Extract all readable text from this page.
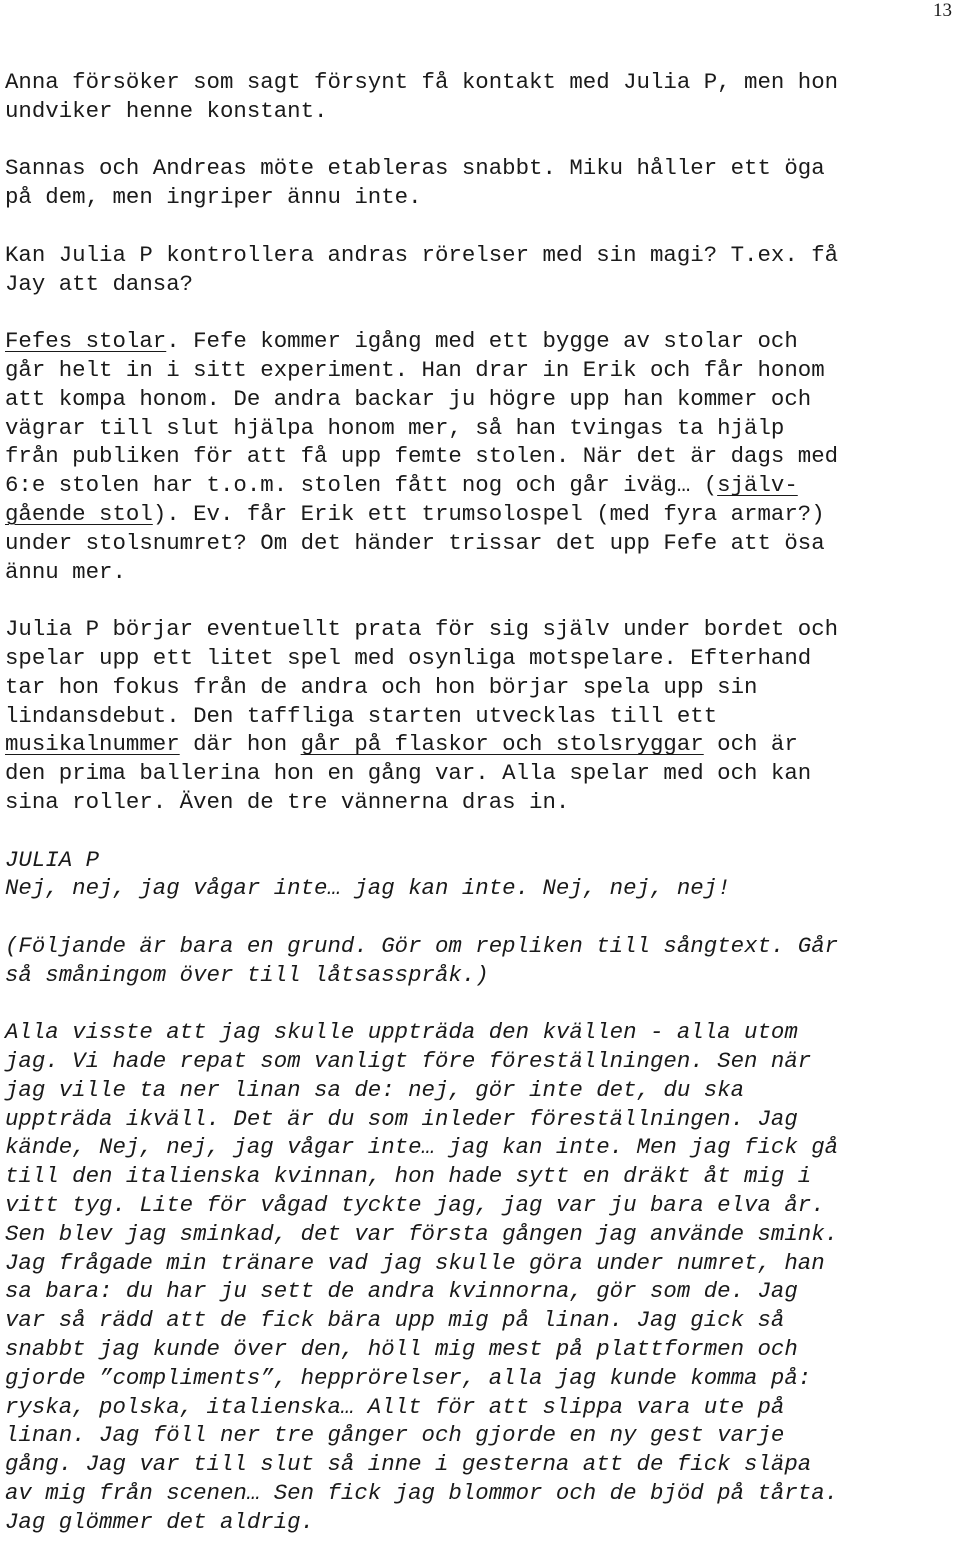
13

Anna försöker som sagt försynt få kontakt med Julia P, men hon
undviker henne konstant.

Sannas och Andreas möte etableras snabbt. Miku håller ett öga
på dem, men ingriper ännu inte.

Kan Julia P kontrollera andras rörelser med sin magi? T.ex. få
Jay att dansa?

Fefes stolar. Fefe kommer igång med ett bygge av stolar och
går helt in i sitt experiment. Han drar in Erik och får honom
att kompa honom. De andra backar ju högre upp han kommer och
vägrar till slut hjälpa honom mer, så han tvingas ta hjälp
från publiken för att få upp femte stolen. När det är dags med
6:e stolen har t.o.m. stolen fått nog och går iväg… (själv-
gående stol). Ev. får Erik ett trumsolospel (med fyra armar?)
under stolsnumret? Om det händer trissar det upp Fefe att ösa
ännu mer.

Julia P börjar eventuellt prata för sig själv under bordet och
spelar upp ett litet spel med osynliga motspelare. Efterhand
tar hon fokus från de andra och hon börjar spela upp sin
lindansdebut. Den taffliga starten utvecklas till ett
musikalnummer där hon går på flaskor och stolsryggar och är
den prima ballerina hon en gång var. Alla spelar med och kan
sina roller. Även de tre vännerna dras in.

JULIA P
Nej, nej, jag vågar inte… jag kan inte. Nej, nej, nej!

(Följande är bara en grund. Gör om repliken till sångtext. Går
så småningom över till låtsasspråk.)

Alla visste att jag skulle uppträda den kvällen - alla utom
jag. Vi hade repat som vanligt före föreställningen. Sen när
jag ville ta ner linan sa de: nej, gör inte det, du ska
uppträda ikväll. Det är du som inleder föreställningen. Jag
kände, Nej, nej, jag vågar inte… jag kan inte. Men jag fick gå
till den italienska kvinnan, hon hade sytt en dräkt åt mig i
vitt tyg. Lite för vågad tyckte jag, jag var ju bara elva år.
Sen blev jag sminkad, det var första gången jag använde smink.
Jag frågade min tränare vad jag skulle göra under numret, han
sa bara: du har ju sett de andra kvinnorna, gör som de. Jag
var så rädd att de fick bära upp mig på linan. Jag gick så
snabbt jag kunde över den, höll mig mest på plattformen och
gjorde ”compliments”, hepprörelser, alla jag kunde komma på:
ryska, polska, italienska… Allt för att slippa vara ute på
linan. Jag föll ner tre gånger och gjorde en ny gest varje
gång. Jag var till slut så inne i gesterna att de fick släpa
av mig från scenen… Sen fick jag blommor och de bjöd på tårta.
Jag glömmer det aldrig.
